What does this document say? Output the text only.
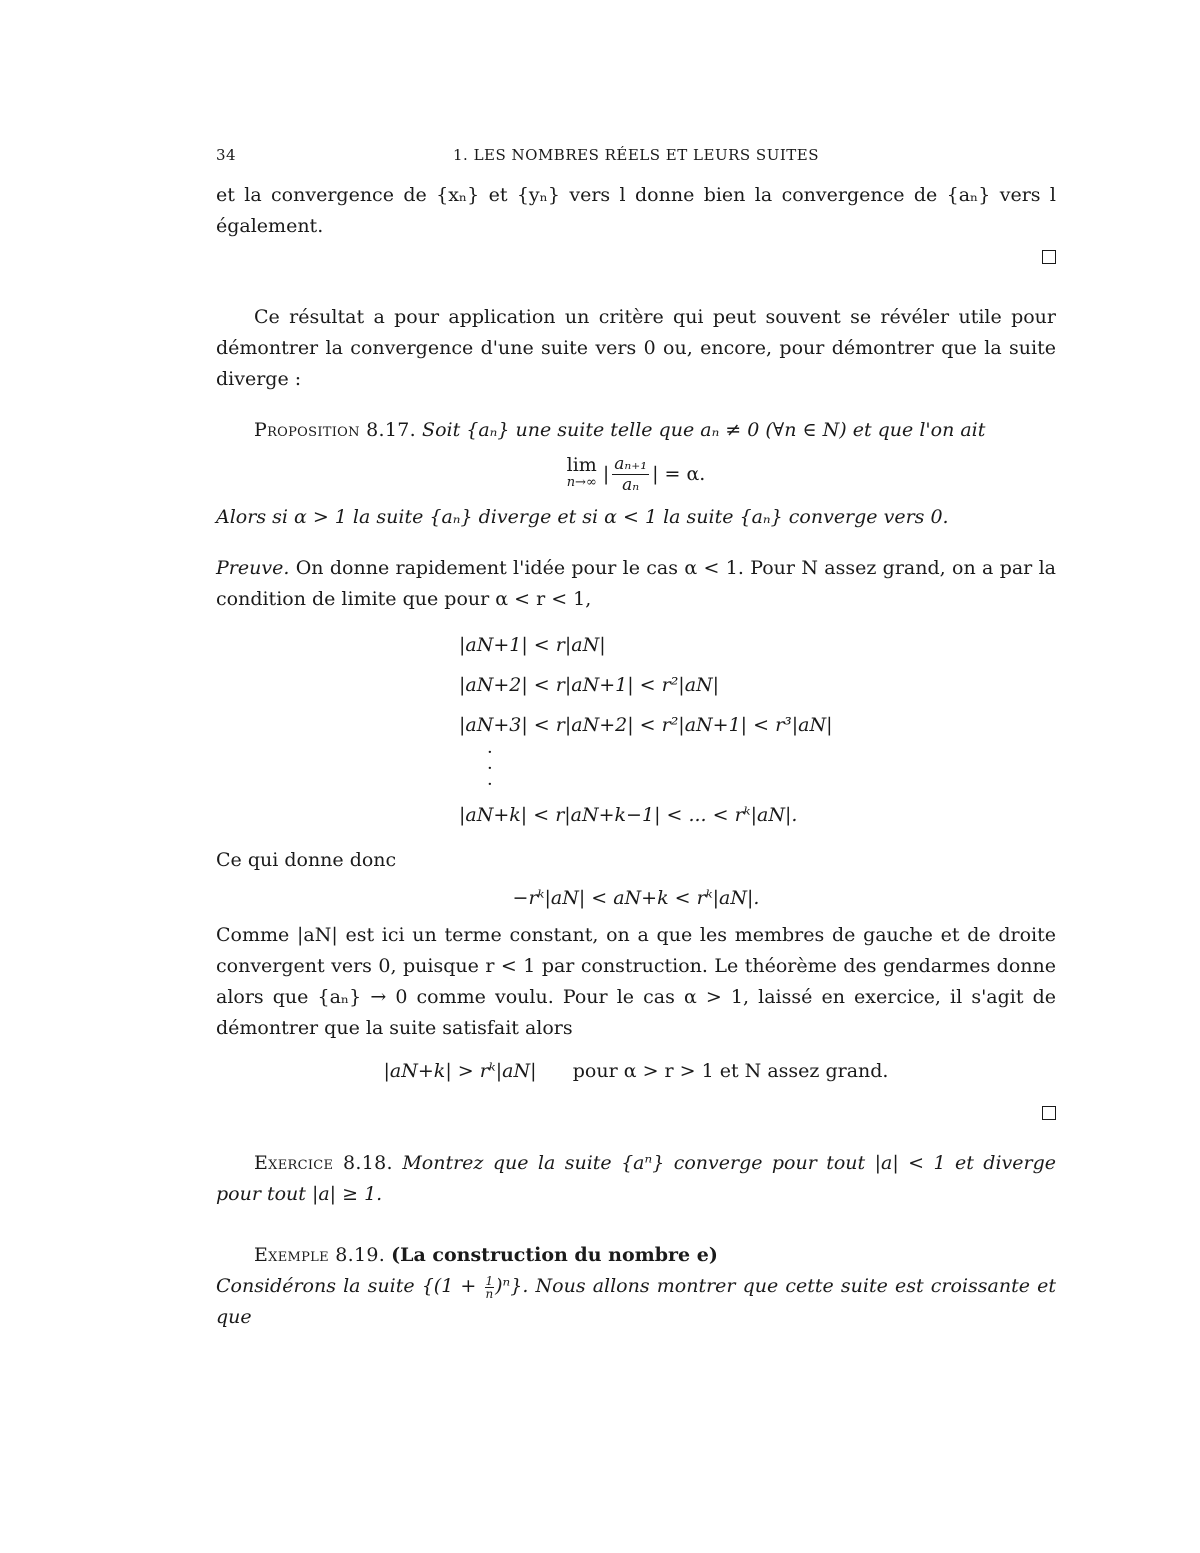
34	1. LES NOMBRES RÉELS ET LEURS SUITES

et la convergence de {xₙ} et {yₙ} vers l donne bien la convergence de {aₙ} vers l également.

Ce résultat a pour application un critère qui peut souvent se révéler utile pour démontrer la convergence d'une suite vers 0 ou, encore, pour démontrer que la suite diverge :

Proposition 8.17. Soit {aₙ} une suite telle que aₙ ≠ 0 (∀n ∈ N) et que l'on ait

lim
n→∞ | $\frac{\text{aₙ₊₁}}{\text{aₙ}}$ | = α.

Alors si α > 1 la suite {aₙ} diverge et si α < 1 la suite {aₙ} converge vers 0.

Preuve. On donne rapidement l'idée pour le cas α < 1. Pour N assez grand, on a par la condition de limite que pour α < r < 1,

|aN+1| < r|aN|
|aN+2| < r|aN+1| < r²|aN|
|aN+3| < r|aN+2| < r²|aN+1| < r³|aN|
·
·
·
|aN+k| < r|aN+k−1| < ... < rᵏ|aN|.

Ce qui donne donc

−rᵏ|aN| < aN+k < rᵏ|aN|.

Comme |aN| est ici un terme constant, on a que les membres de gauche et de droite convergent vers 0, puisque r < 1 par construction. Le théorème des gendarmes donne alors que {aₙ} → 0 comme voulu. Pour le cas α > 1, laissé en exercice, il s'agit de démontrer que la suite satisfait alors

|aN+k| > rᵏ|aN| pour α > r > 1 et N assez grand.

Exercice 8.18. Montrez que la suite {aⁿ} converge pour tout |a| < 1 et diverge pour tout |a| ≥ 1.

Exemple 8.19. (La construction du nombre e)

Considérons la suite $\{(1 + \frac{1}{n} )^n\}$. Nous allons montrer que cette suite est croissante et que
